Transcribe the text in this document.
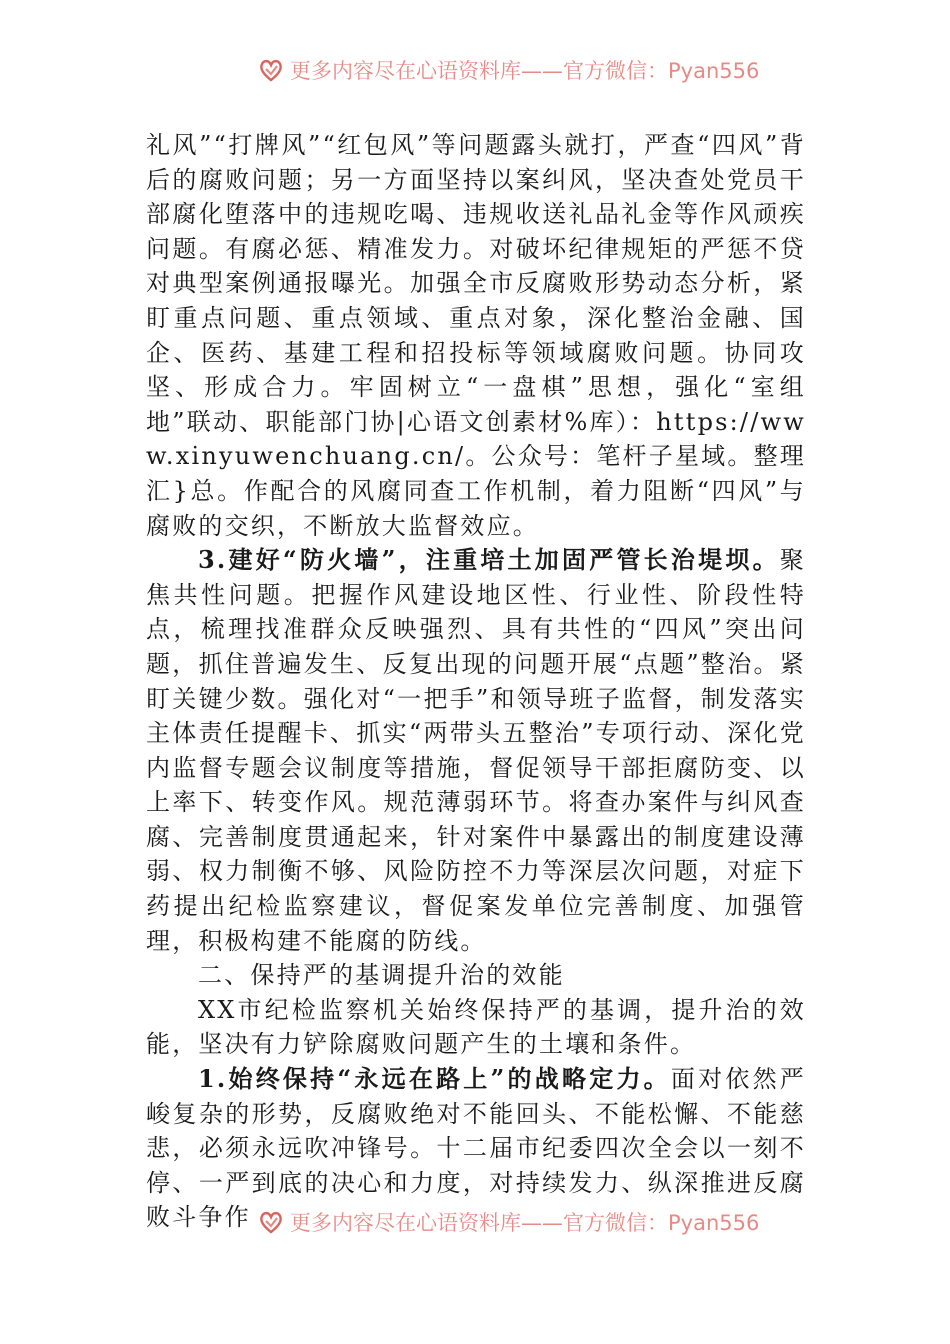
更多内容尽在心语资料库——官方微信：Pyan556

礼风”“打牌风”“红包风”等问题露头就打，严查“四风”背后的腐败问题；另一方面坚持以案纠风，坚决查处党员干部腐化堕落中的违规吃喝、违规收送礼品礼金等作风顽疾问题。有腐必惩、精准发力。对破坏纪律规矩的严惩不贷对典型案例通报曝光。加强全市反腐败形势动态分析，紧盯重点问题、重点领域、重点对象，深化整治金融、国企、医药、基建工程和招投标等领域腐败问题。协同攻坚、形成合力。牢固树立“一盘棋”思想，强化“室组地”联动、职能部门协|心语文创素材%库）：https://www.xinyuwenchuang.cn/。公众号：笔杆子星域。整理汇}总。作配合的风腐同查工作机制，着力阻断“四风”与腐败的交织，不断放大监督效应。

3.建好“防火墙”，注重培土加固严管长治堤坝。聚焦共性问题。把握作风建设地区性、行业性、阶段性特点，梳理找准群众反映强烈、具有共性的“四风”突出问题，抓住普遍发生、反复出现的问题开展“点题”整治。紧盯关键少数。强化对“一把手”和领导班子监督，制发落实主体责任提醒卡、抓实“两带头五整治”专项行动、深化党内监督专题会议制度等措施，督促领导干部拒腐防变、以上率下、转变作风。规范薄弱环节。将查办案件与纠风查腐、完善制度贯通起来，针对案件中暴露出的制度建设薄弱、权力制衡不够、风险防控不力等深层次问题，对症下药提出纪检监察建议，督促案发单位完善制度、加强管理，积极构建不能腐的防线。

二、保持严的基调提升治的效能

XX市纪检监察机关始终保持严的基调，提升治的效能，坚决有力铲除腐败问题产生的土壤和条件。

1.始终保持“永远在路上”的战略定力。面对依然严峻复杂的形势，反腐败绝对不能回头、不能松懈、不能慈悲，必须永远吹冲锋号。十二届市纪委四次全会以一刻不停、一严到底的决心和力度，对持续发力、纵深推进反腐败斗争作	更多内容尽在心语资料库——官方微信：Pyan556
